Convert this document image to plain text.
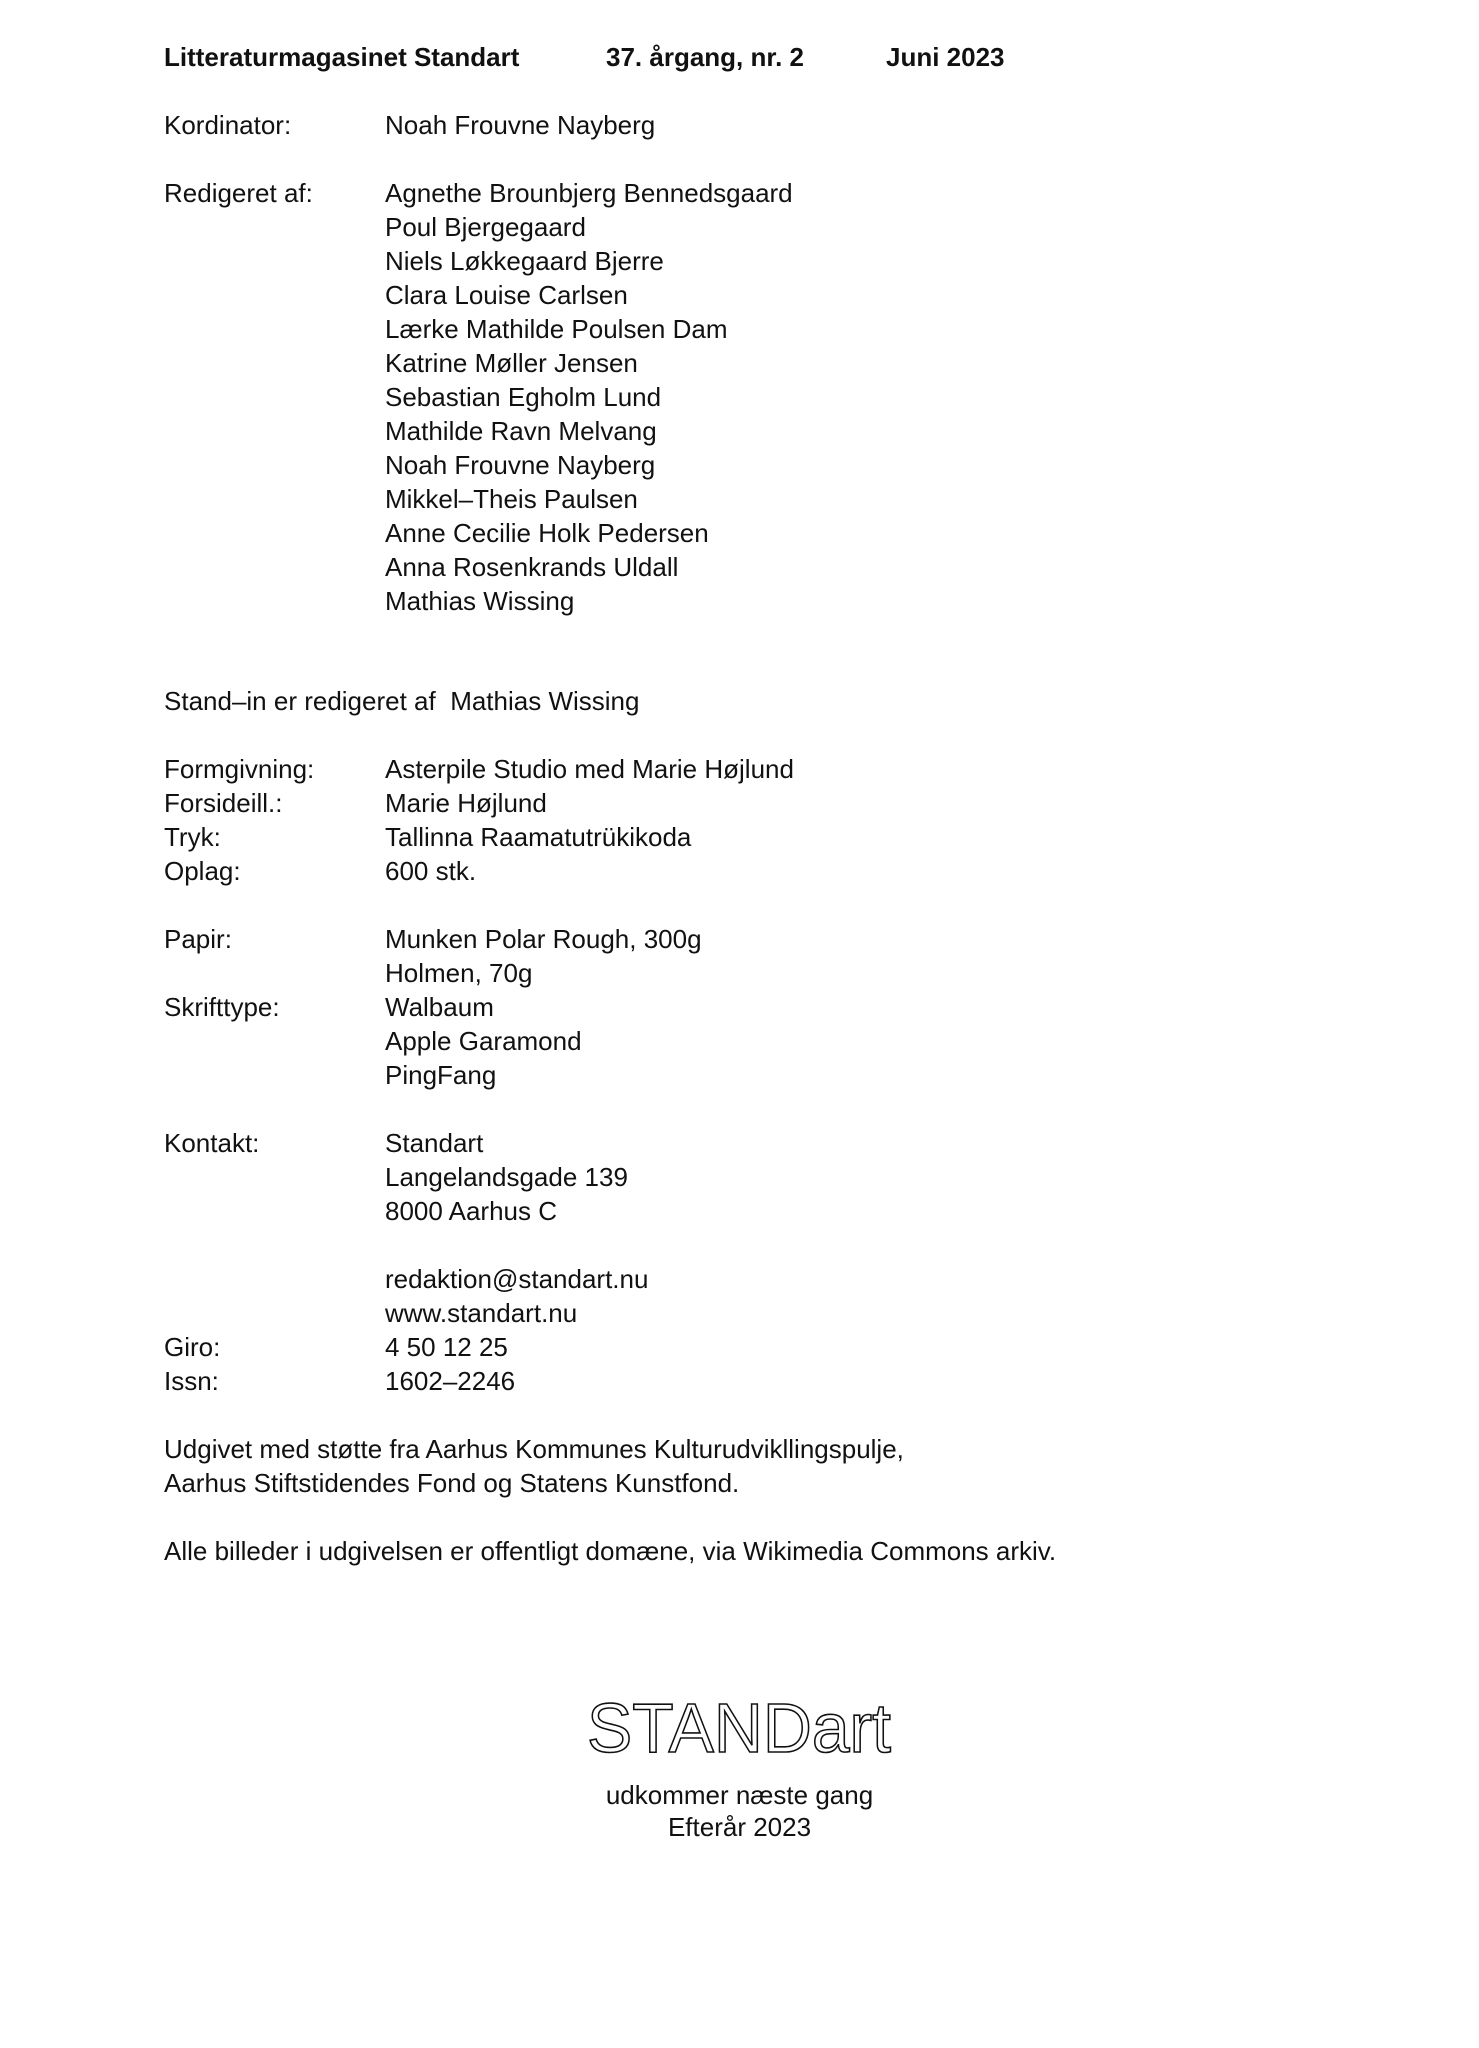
Litteraturmagasinet Standart	37. årgang, nr. 2	Juni 2023
Kordinator:	Noah Frouvne Nayberg
Redigeret af:	Agnethe Brounbjerg Bennedsgaard
Poul Bjergegaard
Niels Løkkegaard Bjerre
Clara Louise Carlsen
Lærke Mathilde Poulsen Dam
Katrine Møller Jensen
Sebastian Egholm Lund
Mathilde Ravn Melvang
Noah Frouvne Nayberg
Mikkel–Theis Paulsen
Anne Cecilie Holk Pedersen
Anna Rosenkrands Uldall
Mathias Wissing
Stand–in er redigeret af Mathias Wissing
Formgivning:	Asterpile Studio med Marie Højlund
Forsideill.:	Marie Højlund
Tryk:	Tallinna Raamatutrükikoda
Oplag:	600 stk.
Papir:	Munken Polar Rough, 300g
Holmen, 70g
Skrifttype:	Walbaum
Apple Garamond
PingFang
Kontakt:	Standart
Langelandsgade 139
8000 Aarhus C
redaktion@standart.nu
www.standart.nu
Giro:	4 50 12 25
Issn:	1602–2246
Udgivet med støtte fra Aarhus Kommunes Kulturudvikllingspulje,
Aarhus Stiftstidendes Fond og Statens Kunstfond.
Alle billeder i udgivelsen er offentligt domæne, via Wikimedia Commons arkiv.
STANDart
udkommer næste gang
Efterår 2023
